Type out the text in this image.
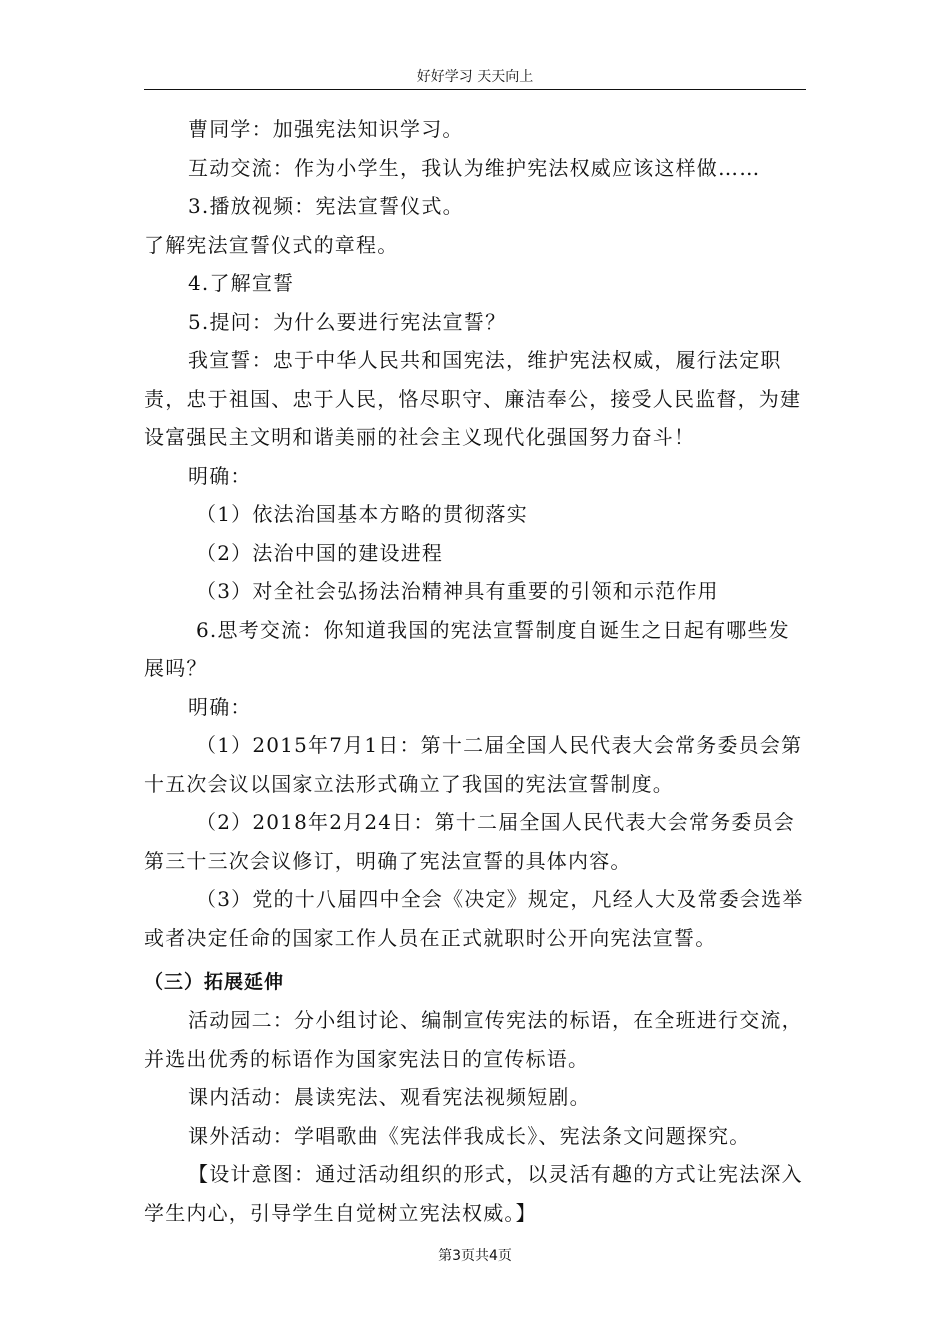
好好学习 天天向上

曹同学：加强宪法知识学习。

互动交流：作为小学生，我认为维护宪法权威应该这样做……

3.播放视频：宪法宣誓仪式。

了解宪法宣誓仪式的章程。

4.了解宣誓

5.提问：为什么要进行宪法宣誓？

我宣誓：忠于中华人民共和国宪法，维护宪法权威，履行法定职责，忠于祖国、忠于人民，恪尽职守、廉洁奉公，接受人民监督，为建设富强民主文明和谐美丽的社会主义现代化强国努力奋斗！

明确：

（1）依法治国基本方略的贯彻落实

（2）法治中国的建设进程

（3）对全社会弘扬法治精神具有重要的引领和示范作用

6.思考交流：你知道我国的宪法宣誓制度自诞生之日起有哪些发展吗？

明确：

（1）2015年7月1日：第十二届全国人民代表大会常务委员会第十五次会议以国家立法形式确立了我国的宪法宣誓制度。

（2）2018年2月24日：第十二届全国人民代表大会常务委员会第三十三次会议修订，明确了宪法宣誓的具体内容。

（3）党的十八届四中全会《决定》规定，凡经人大及常委会选举或者决定任命的国家工作人员在正式就职时公开向宪法宣誓。

（三）拓展延伸

活动园二：分小组讨论、编制宣传宪法的标语，在全班进行交流，并选出优秀的标语作为国家宪法日的宣传标语。

课内活动：晨读宪法、观看宪法视频短剧。

课外活动：学唱歌曲《宪法伴我成长》、宪法条文问题探究。

【设计意图：通过活动组织的形式，以灵活有趣的方式让宪法深入学生内心，引导学生自觉树立宪法权威。】

第3页共4页
